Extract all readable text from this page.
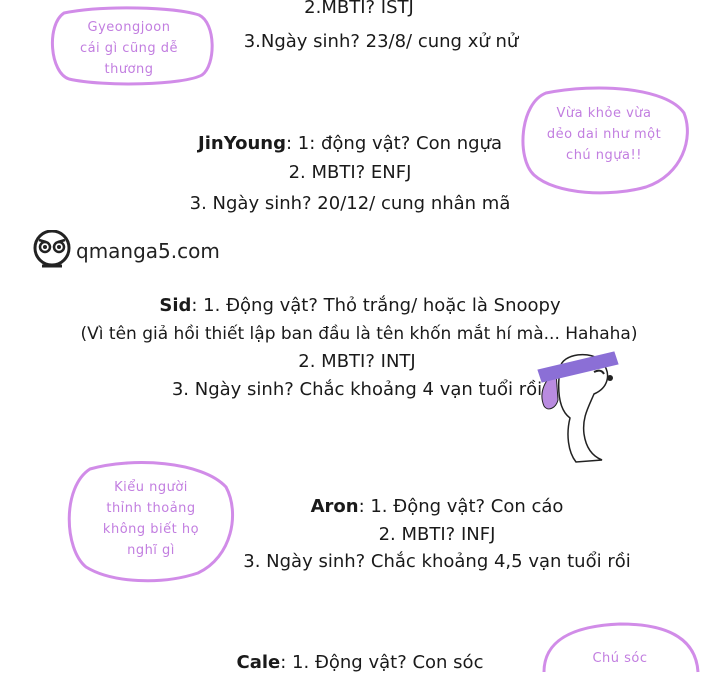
2.MBTI? ISTJ
3.Ngày sinh? 23/8/ cung xử nử
Gyeongjoon
cái gì cũng dễ
thương
JinYoung: 1: động vật? Con ngựa
2. MBTI? ENFJ
3. Ngày sinh? 20/12/ cung nhân mã
Vừa khỏe vừa
dẻo dai như một
chú ngựa!!
qmanga5.com
Sid: 1. Động vật? Thỏ trắng/ hoặc là Snoopy
(Vì tên giả hồi thiết lập ban đầu là tên khốn mắt hí mà... Hahaha)
2. MBTI? INTJ
3. Ngày sinh? Chắc khoảng 4 vạn tuổi rồi
Kiểu người
thỉnh thoảng
không biết họ
nghĩ gì
Aron: 1. Động vật? Con cáo
2. MBTI? INFJ
3. Ngày sinh? Chắc khoảng 4,5 vạn tuổi rồi
Cale: 1. Động vật? Con sóc	Chú sóc
